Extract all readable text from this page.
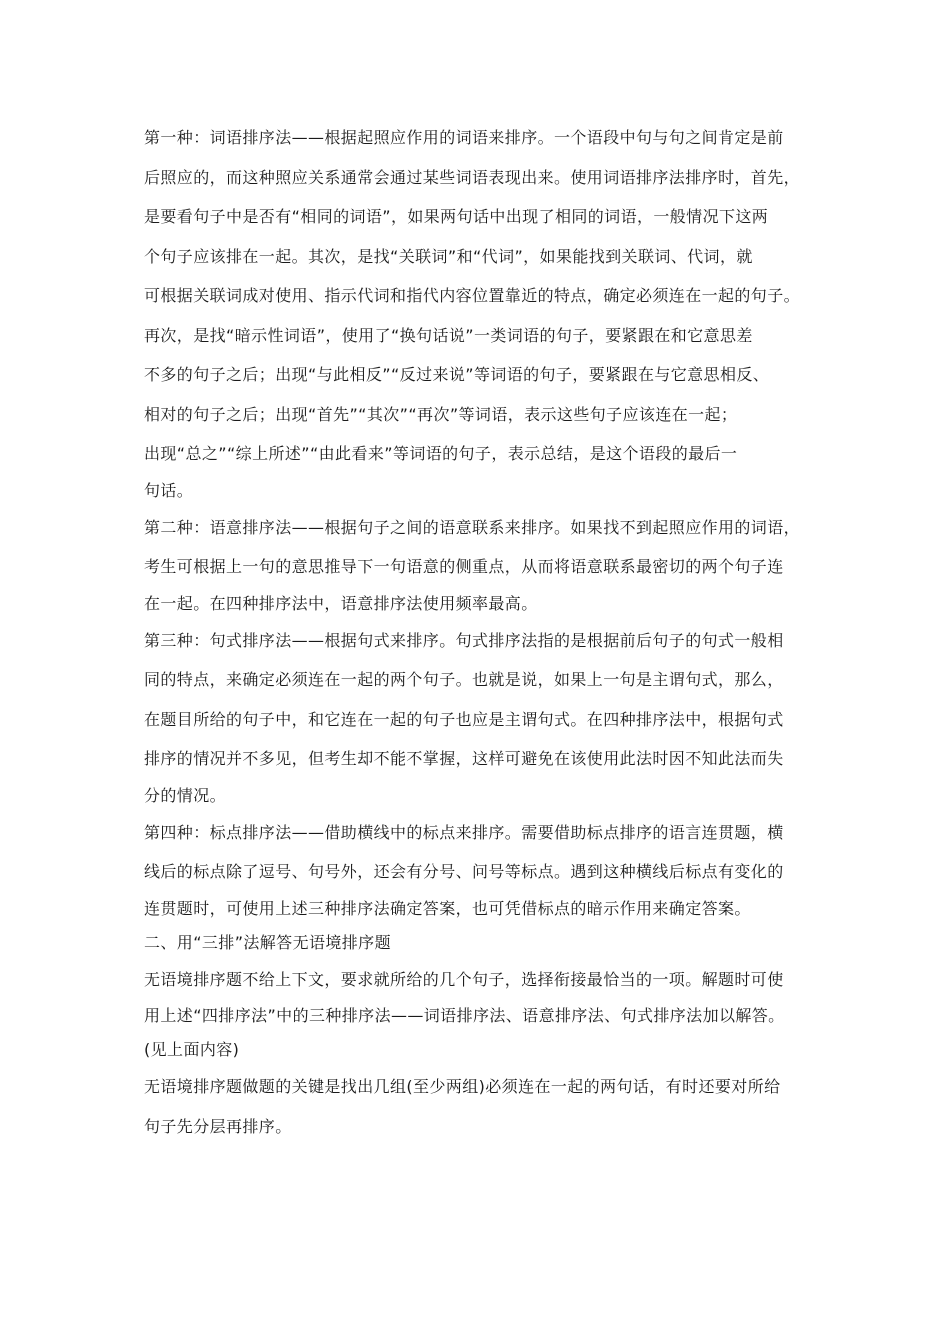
第一种：词语排序法——根据起照应作用的词语来排序。一个语段中句与句之间肯定是前
后照应的，而这种照应关系通常会通过某些词语表现出来。使用词语排序法排序时，首先，
是要看句子中是否有“相同的词语”，如果两句话中出现了相同的词语，一般情况下这两
个句子应该排在一起。其次，是找“关联词”和“代词”，如果能找到关联词、代词，就
可根据关联词成对使用、指示代词和指代内容位置靠近的特点，确定必须连在一起的句子。
再次，是找“暗示性词语”，使用了“换句话说”一类词语的句子，要紧跟在和它意思差
不多的句子之后；出现“与此相反”“反过来说”等词语的句子，要紧跟在与它意思相反、
相对的句子之后；出现“首先”“其次”“再次”等词语，表示这些句子应该连在一起；
出现“总之”“综上所述”“由此看来”等词语的句子，表示总结，是这个语段的最后一
句话。
第二种：语意排序法——根据句子之间的语意联系来排序。如果找不到起照应作用的词语，
考生可根据上一句的意思推导下一句语意的侧重点，从而将语意联系最密切的两个句子连
在一起。在四种排序法中，语意排序法使用频率最高。
第三种：句式排序法——根据句式来排序。句式排序法指的是根据前后句子的句式一般相
同的特点，来确定必须连在一起的两个句子。也就是说，如果上一句是主谓句式，那么，
在题目所给的句子中，和它连在一起的句子也应是主谓句式。在四种排序法中，根据句式
排序的情况并不多见，但考生却不能不掌握，这样可避免在该使用此法时因不知此法而失
分的情况。
第四种：标点排序法——借助横线中的标点来排序。需要借助标点排序的语言连贯题，横
线后的标点除了逗号、句号外，还会有分号、问号等标点。遇到这种横线后标点有变化的
连贯题时，可使用上述三种排序法确定答案，也可凭借标点的暗示作用来确定答案。
二、用“三排”法解答无语境排序题
无语境排序题不给上下文，要求就所给的几个句子，选择衔接最恰当的一项。解题时可使
用上述“四排序法”中的三种排序法——词语排序法、语意排序法、句式排序法加以解答。
(见上面内容)
无语境排序题做题的关键是找出几组(至少两组)必须连在一起的两句话，有时还要对所给
句子先分层再排序。
